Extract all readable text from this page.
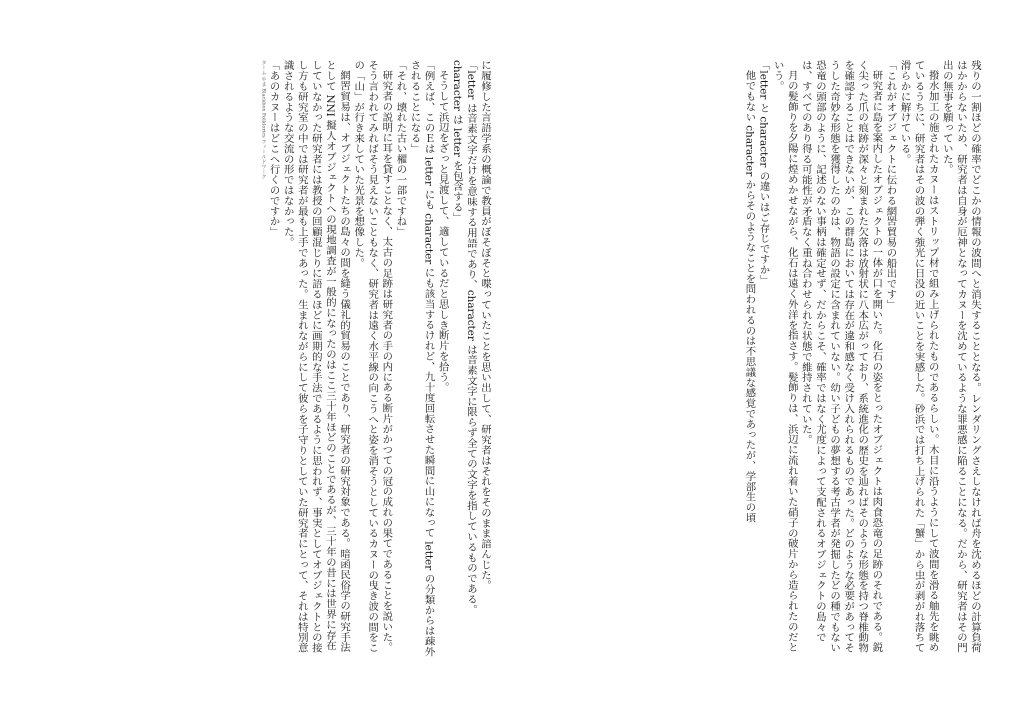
残りの一割ほどの確率でどこかの情報の波間へと消失することとなる。レンダリングさえしなければ舟を沈めるほどの計算負荷はかからないため、研究者は自身が厄神となってカヌーを沈めているような罪悪感に陥ることになる。だから、研究者はその門出の無事を願っていた。

撥水加工の施されたカヌーはストリップ材で組み上げられたものであるらしい。木目に沿うようにして波間を滑る舳先を眺めているうちに、研究者はその波の弾く強光に日没の近いことを実感した。砂浜では打ち上げられた「蟹」から虫が剥がれ落ちて滑らかに解けている。

「これがオブジェクトに伝わる網罟貿易の船出です」

研究者に島を案内したオブジェクトの一体が口を開いた。化石の姿をとったオブジェクトは肉食恐竜の足跡のそれである。鋭く尖った爪の痕跡が深々と刻まれた欠落は放射状に八本広がっており、系統進化の歴史を辿ればそのような形態を持つ脊椎動物を確認することはできないが、この群島においては存在が違和感なく受け入れられるものであった。どのような必要があってそうした奇妙な形態を獲得したのかは、物語の設定に含まれていない。幼い子どもの夢想する考古学者が発掘したどの種でもない恐竜の頭部のように、記述のない事柄は確定せず、だからこそ、確率ではなく尤度によって支配されるオブジェクトの島々では、すべてのあり得る可能性が矛盾なく重ね合わせられた状態で維持されていた。

月の髪飾りを夕陽に煌めかせながら、化石は遠く外洋を指さす。髪飾りは、浜辺に流れ着いた硝子の破片から造られたのだという。

「letter と character の違いはご存じですか」

他でもない character からそのようなことを問われるのは不思議な感覚であったが、学部生の頃

に履修した言語学系の概論で教員がぼそぼそと喋っていたことを思い出して、研究者はそれをそのまま諳んじた。

「letter は音素文字だけを意味する用語であり、character は音素文字に限らず全ての文字を指しているものである。character は letter を包含する」

そうして浜辺をざっと見渡して、適しているだと思しき断片を拾う。

「例えば、このＥは letter にも character にも該当するけれど、九十度回転させた瞬間に山になって letter の分類からは疎外されることになる」

「それ、壊れた古い櫂の一部ですね」

研究者の説明に耳を貸すことなく、太古の足跡は研究者の手の内にある断片がかつての冠の成れの果てであることを説いた。そう言われてみればそう見えないこともなく、研究者は遠く水平線の向こうへと姿を消そうとしているカヌーの曳き波の間をこの「山」が行き来していた光景を想像した。

網罟貿易は、オブジェクトたちの島々の間を縫う儀礼的貿易のことであり、研究者の研究対象である。暗函民俗学の研究手法として NNI 擬人オブジェクトへの現地調査が一般的になったのはここ三十年ほどのことであるが、三十年の昔には世界に存在していなかった研究者には教授の回顧混じりに語るほどに画期的な手法であるように思われず、事実としてオブジェクトとの接し方も研究室の中では研究者が最も上手であった。生まれながらにして彼らを子守りとしていた研究者にとって、それは特別意識されるような交流の形ではなかった。

「あのカヌーはどこへ行くのですか」

ターム やま Blackbox Folklorics フィールドワーク
